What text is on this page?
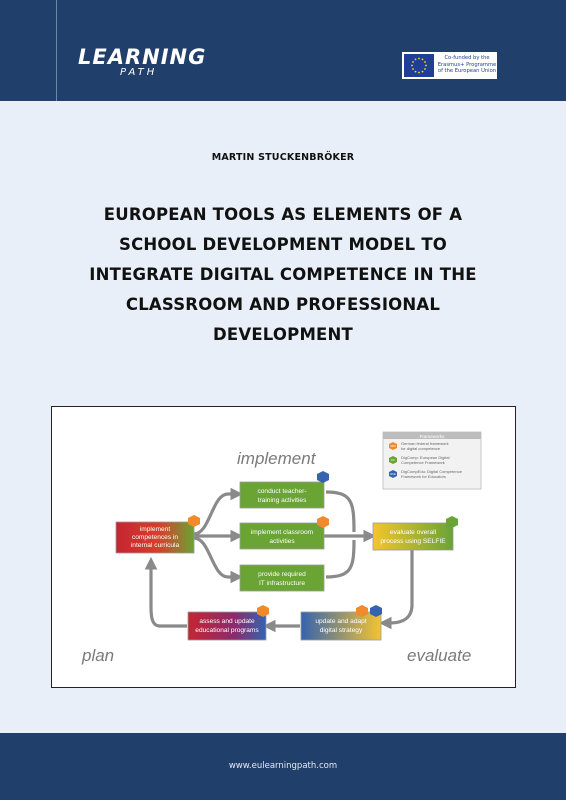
LEARNING
PATH
Co-funded by the
Erasmus+ Programme
of the European Union
MARTIN STUCKENBRÖKER
EUROPEAN TOOLS AS ELEMENTS OF A
SCHOOL DEVELOPMENT MODEL TO
INTEGRATE DIGITAL COMPETENCE IN THE
CLASSROOM AND PROFESSIONAL
DEVELOPMENT
implement
plan	evaluate
Frameworks
KMK
German federal framework
for digital competence
DC
DigComp: European Digital
Competence Framework
DCE
DigCompEdu: Digital Competence
Framework for Educators
implement
competences in
internal curricula
conduct teacher-
training activities
implement classroom
activities
provide required
IT infrastructure
evaluate overall
process using SELFIE
update and adapt
digital strategy
assess and update
educational programs
www.eulearningpath.com
